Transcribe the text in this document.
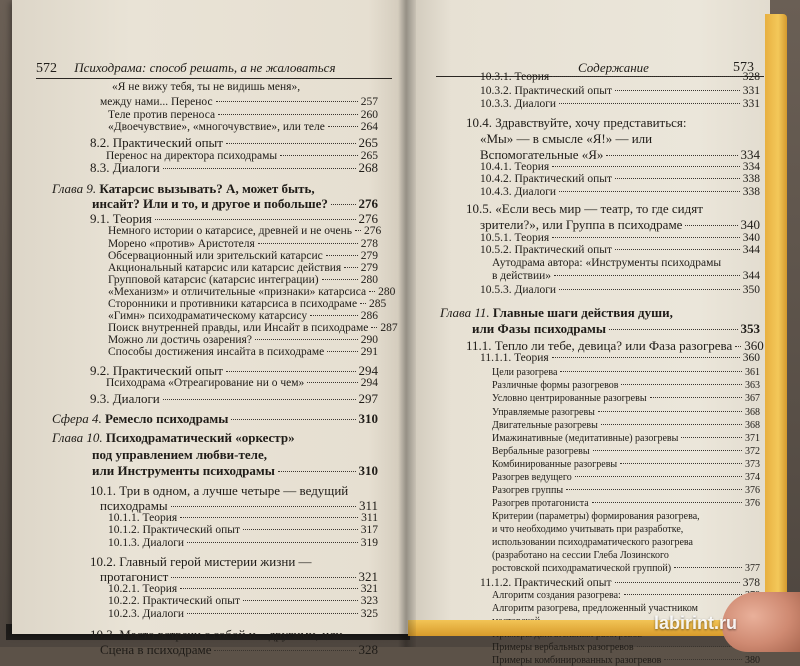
572 Психодрама: способ решать, а не жаловаться
«Я не вижу тебя, ты не видишь меня»,
между нами... Перенос	257
Теле против переноса	260
«Двоечувствие», «многочувствие», или теле	264
8.2. Практический опыт	265
Перенос на директора психодрамы	265
8.3. Диалоги	268
Глава 9. Катарсис вызывать? А, может быть,
инсайт? Или и то, и другое и побольше? 276
9.1. Теория	276
Немного истории о катарсисе, древней и не очень 276
Морено «против» Аристотеля	278
Обсервационный или зрительский катарсис	279
Акциональный катарсис или катарсис действия 279
Групповой катарсис (катарсис интеграции)	280
«Механизм» и отличительные «признаки» катарсиса 280
Сторонники и противники катарсиса в психодраме 285
«Гимн» психодраматическому катарсису	286
Поиск внутренней правды, или Инсайт в психодраме 287
Можно ли достичь озарения?	290
Способы достижения инсайта в психодраме	291
9.2. Практический опыт	294
Психодрама «Отреагирование ни о чем»	294
9.3. Диалоги	297
Сфера 4. Ремесло психодрамы	310
Глава 10. Психодраматический «оркестр»
под управлением любви-теле,
или Инструменты психодрамы	310
10.1. Три в одном, а лучше четыре — ведущий
психодрамы	311
10.1.1. Теория	311
10.1.2. Практический опыт	317
10.1.3. Диалоги	319
10.2. Главный герой мистерии жизни —
протагонист	321
10.2.1. Теория	321
10.2.2. Практический опыт	323
10.2.3. Диалоги	325
10.3. Место встречи с собой и... другими, или
Сцена в психодраме	328
Содержание	573
10.3.1. Теория	328
10.3.2. Практический опыт	331
10.3.3. Диалоги	331
10.4. Здравствуйте, хочу представиться:
«Мы» — в смысле «Я!» — или
Вспомогательные «Я»	334
10.4.1. Теория	334
10.4.2. Практический опыт	338
10.4.3. Диалоги	338
10.5. «Если весь мир — театр, то где сидят
зрители?», или Группа в психодраме	340
10.5.1. Теория	340
10.5.2. Практический опыт	344
Аутодрама автора: «Инструменты психодрамы
в действии»	344
10.5.3. Диалоги	350
Глава 11. Главные шаги действия души,
или Фазы психодрамы	353
11.1. Тепло ли тебе, девица? или Фаза разогрева 360
11.1.1. Теория	360
Цели разогрева	361
Различные формы разогревов	363
Условно центрированные разогревы	367
Управляемые разогревы	368
Двигательные разогревы	368
Имажинативные (медитативные) разогревы	371
Вербальные разогревы	372
Комбинированные разогревы	373
Разогрев ведущего	374
Разогрев группы	376
Разогрев протагониста	376
Критерии (параметры) формирования разогрева,
и что необходимо учитывать при разработке,
использовании психодраматического разогрева
(разработано на сессии Глеба Лозинского
ростовской психодраматической группой)	377
11.1.2. Практический опыт	378
Алгоритм создания разогрева:
Алгоритм разогрева, предложенный участником
Примеры вербальных разогревов
Примеры комбинированных разогревов	380
labirint.ru
